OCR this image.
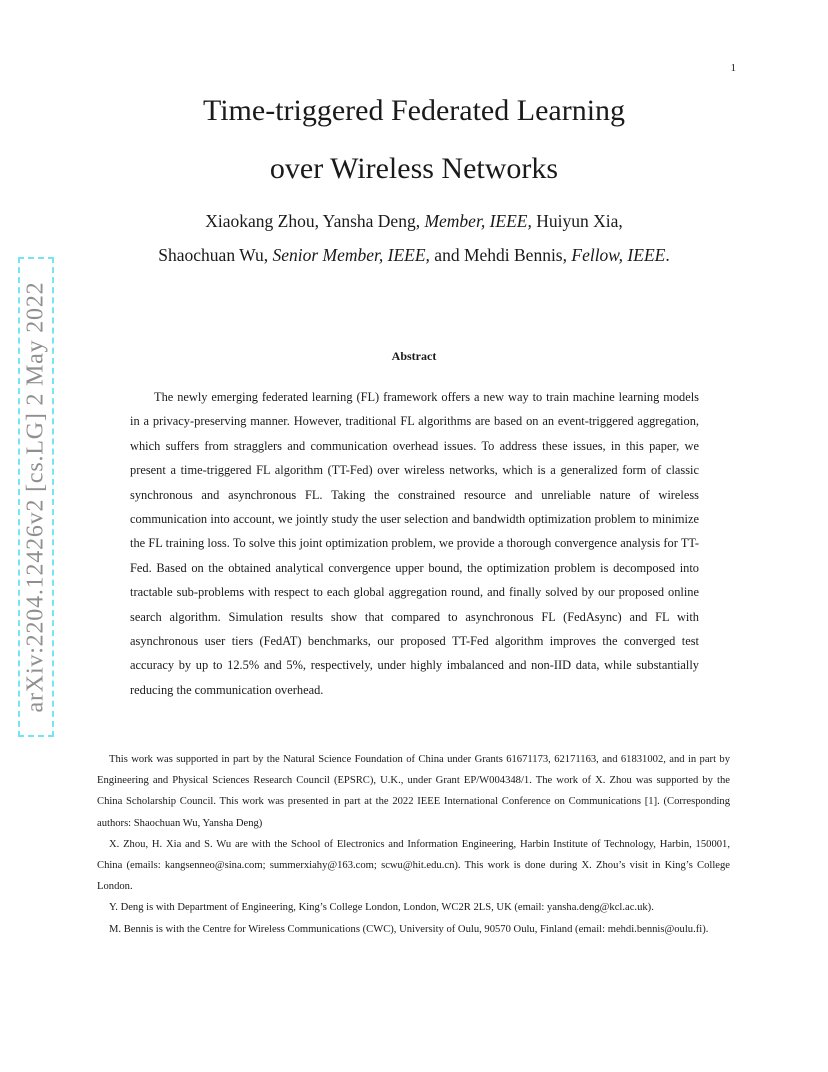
1
arXiv:2204.12426v2 [cs.LG] 2 May 2022
Time-triggered Federated Learning
over Wireless Networks
Xiaokang Zhou, Yansha Deng, Member, IEEE, Huiyun Xia,
Shaochuan Wu, Senior Member, IEEE, and Mehdi Bennis, Fellow, IEEE.
Abstract

The newly emerging federated learning (FL) framework offers a new way to train machine learning models in a privacy-preserving manner. However, traditional FL algorithms are based on an event-triggered aggregation, which suffers from stragglers and communication overhead issues. To address these issues, in this paper, we present a time-triggered FL algorithm (TT-Fed) over wireless networks, which is a generalized form of classic synchronous and asynchronous FL. Taking the constrained resource and unreliable nature of wireless communication into account, we jointly study the user selection and bandwidth optimization problem to minimize the FL training loss. To solve this joint optimization problem, we provide a thorough convergence analysis for TT-Fed. Based on the obtained analytical convergence upper bound, the optimization problem is decomposed into tractable sub-problems with respect to each global aggregation round, and finally solved by our proposed online search algorithm. Simulation results show that compared to asynchronous FL (FedAsync) and FL with asynchronous user tiers (FedAT) benchmarks, our proposed TT-Fed algorithm improves the converged test accuracy by up to 12.5% and 5%, respectively, under highly imbalanced and non-IID data, while substantially reducing the communication overhead.

This work was supported in part by the Natural Science Foundation of China under Grants 61671173, 62171163, and 61831002, and in part by Engineering and Physical Sciences Research Council (EPSRC), U.K., under Grant EP/W004348/1. The work of X. Zhou was supported by the China Scholarship Council. This work was presented in part at the 2022 IEEE International Conference on Communications [1]. (Corresponding authors: Shaochuan Wu, Yansha Deng)

X. Zhou, H. Xia and S. Wu are with the School of Electronics and Information Engineering, Harbin Institute of Technology, Harbin, 150001, China (emails: kangsenneo@sina.com; summerxiahy@163.com; scwu@hit.edu.cn). This work is done during X. Zhou’s visit in King’s College London.

Y. Deng is with Department of Engineering, King’s College London, London, WC2R 2LS, UK (email: yansha.deng@kcl.ac.uk).

M. Bennis is with the Centre for Wireless Communications (CWC), University of Oulu, 90570 Oulu, Finland (email: mehdi.bennis@oulu.fi).
